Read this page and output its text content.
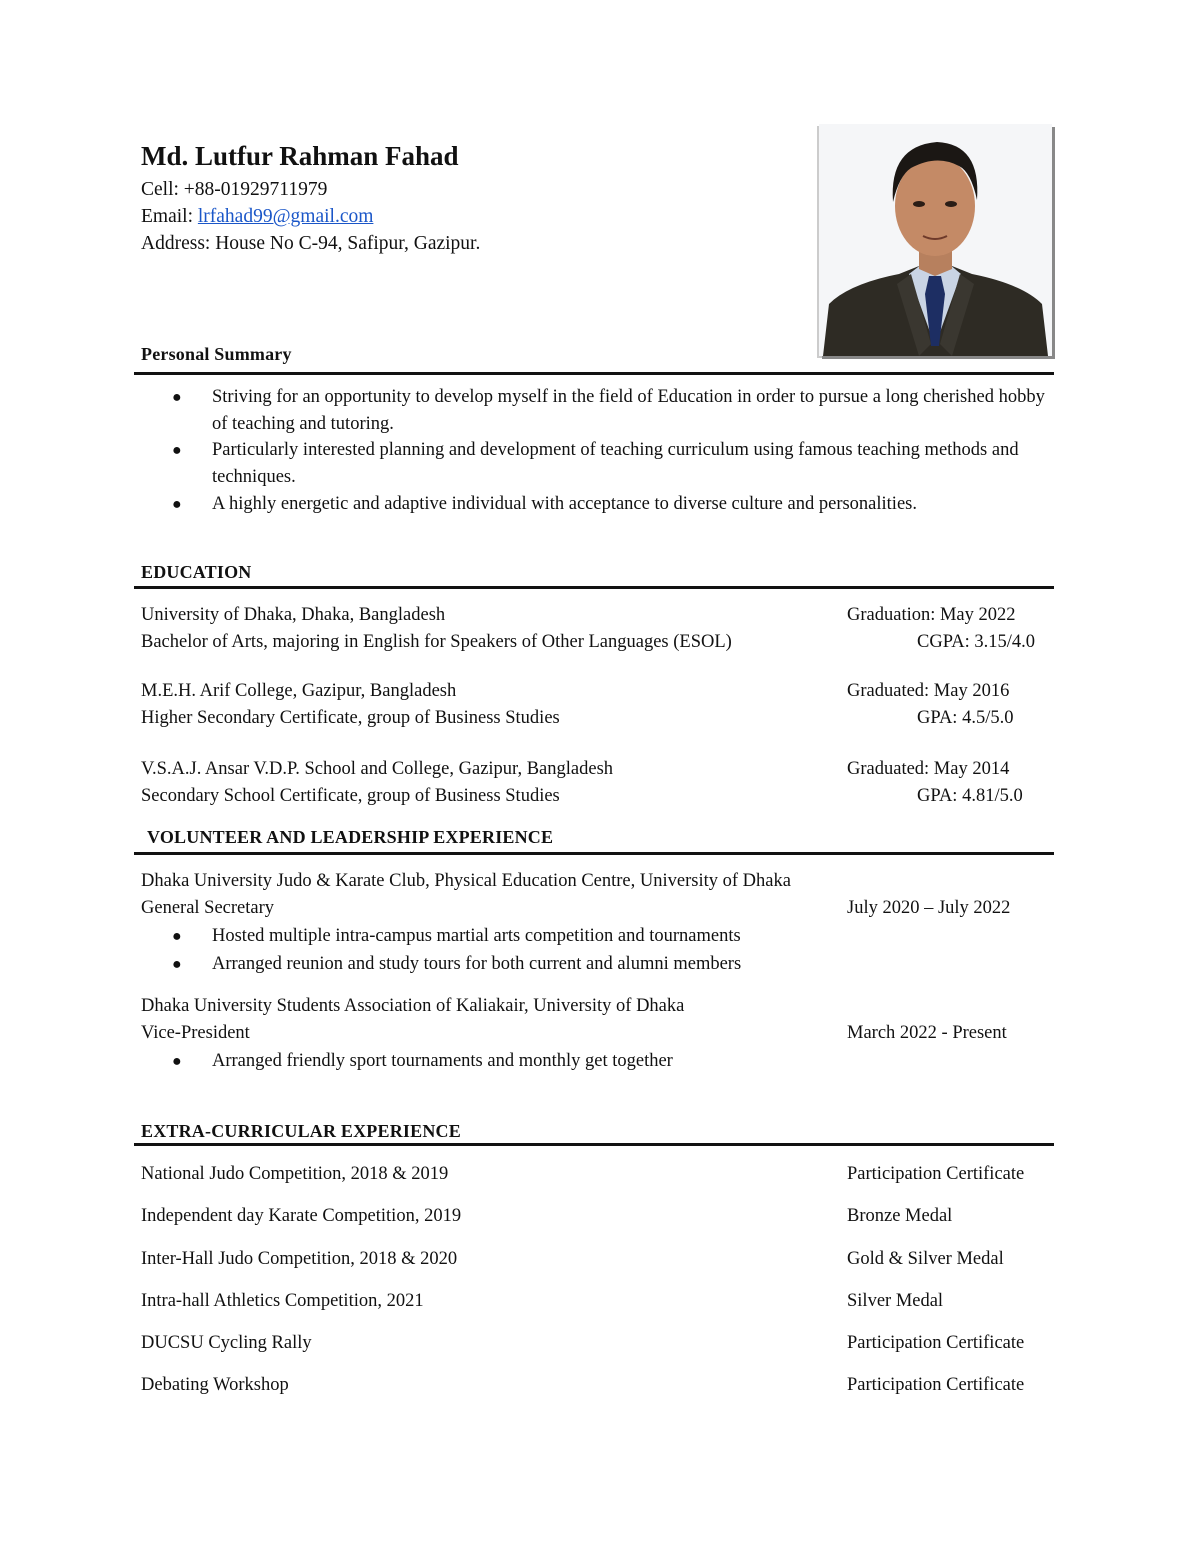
Md. Lutfur Rahman Fahad
Cell: +88-01929711979
Email: lrfahad99@gmail.com
Address: House No C-94, Safipur, Gazipur.
Personal Summary
● Striving for an opportunity to develop myself in the field of Education in order to pursue a long cherished hobby of teaching and tutoring.
● Particularly interested planning and development of teaching curriculum using famous teaching methods and techniques.
● A highly energetic and adaptive individual with acceptance to diverse culture and personalities.
EDUCATION
University of Dhaka, Dhaka, Bangladesh	Graduation: May 2022
Bachelor of Arts, majoring in English for Speakers of Other Languages (ESOL)	CGPA: 3.15/4.0
M.E.H. Arif College, Gazipur, Bangladesh	Graduated: May 2016
Higher Secondary Certificate, group of Business Studies	GPA: 4.5/5.0
V.S.A.J. Ansar V.D.P. School and College, Gazipur, Bangladesh	Graduated: May 2014
Secondary School Certificate, group of Business Studies	GPA: 4.81/5.0
VOLUNTEER AND LEADERSHIP EXPERIENCE
Dhaka University Judo & Karate Club, Physical Education Centre, University of Dhaka
General Secretary	July 2020 – July 2022
● Hosted multiple intra-campus martial arts competition and tournaments
● Arranged reunion and study tours for both current and alumni members
Dhaka University Students Association of Kaliakair, University of Dhaka
Vice-President	March 2022 - Present
● Arranged friendly sport tournaments and monthly get together
EXTRA-CURRICULAR EXPERIENCE
National Judo Competition, 2018 & 2019	Participation Certificate
Independent day Karate Competition, 2019	Bronze Medal
Inter-Hall Judo Competition, 2018 & 2020	Gold & Silver Medal
Intra-hall Athletics Competition, 2021	Silver Medal
DUCSU Cycling Rally	Participation Certificate
Debating Workshop	Participation Certificate
